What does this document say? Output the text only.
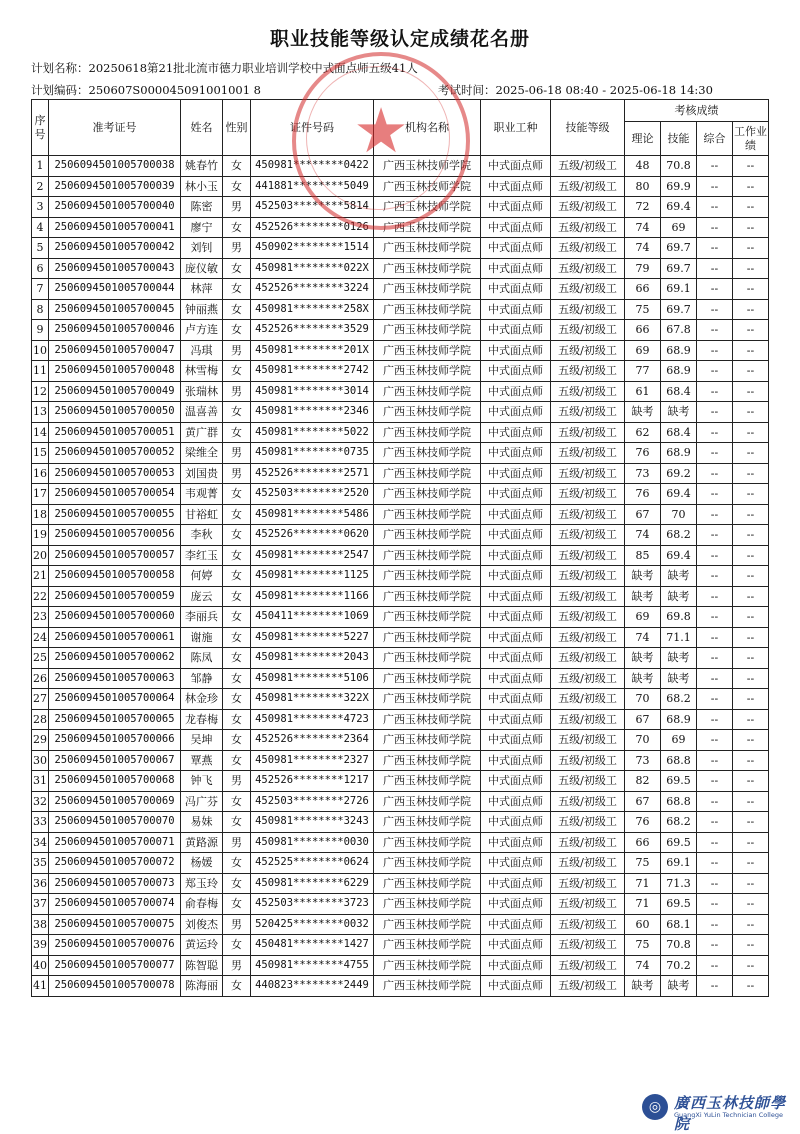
职业技能等级认定成绩花名册
计划名称：20250618第21批北流市德力职业培训学校中式面点师五级41人
计划编码：250607S000045091001001 8	考试时间：2025-06-18 08:40 - 2025-06-18 14:30
序号	准考证号	姓名	性别	证件号码	机构名称	职业工种	技能等级	考核成绩			
								理论	技能	综合	工作业绩
1	2506094501005700038	姚春竹	女	450981********0422	广西玉林技师学院	中式面点师	五级/初级工	48	70.8	--	--
2	2506094501005700039	林小玉	女	441881********5049	广西玉林技师学院	中式面点师	五级/初级工	80	69.9	--	--
3	2506094501005700040	陈密	男	452503********5814	广西玉林技师学院	中式面点师	五级/初级工	72	69.4	--	--
4	2506094501005700041	廖宁	女	452526********0126	广西玉林技师学院	中式面点师	五级/初级工	74	69	--	--
5	2506094501005700042	刘钊	男	450902********1514	广西玉林技师学院	中式面点师	五级/初级工	74	69.7	--	--
6	2506094501005700043	庞仪敏	女	450981********022X	广西玉林技师学院	中式面点师	五级/初级工	79	69.7	--	--
7	2506094501005700044	林萍	女	452526********3224	广西玉林技师学院	中式面点师	五级/初级工	66	69.1	--	--
8	2506094501005700045	钟丽燕	女	450981********258X	广西玉林技师学院	中式面点师	五级/初级工	75	69.7	--	--
9	2506094501005700046	卢方连	女	452526********3529	广西玉林技师学院	中式面点师	五级/初级工	66	67.8	--	--
10	2506094501005700047	冯琪	男	450981********201X	广西玉林技师学院	中式面点师	五级/初级工	69	68.9	--	--
11	2506094501005700048	林雪梅	女	450981********2742	广西玉林技师学院	中式面点师	五级/初级工	77	68.9	--	--
12	2506094501005700049	张瑞林	男	450981********3014	广西玉林技师学院	中式面点师	五级/初级工	61	68.4	--	--
13	2506094501005700050	温喜善	女	450981********2346	广西玉林技师学院	中式面点师	五级/初级工	缺考	缺考	--	--
14	2506094501005700051	黄广群	女	450981********5022	广西玉林技师学院	中式面点师	五级/初级工	62	68.4	--	--
15	2506094501005700052	梁维全	男	450981********0735	广西玉林技师学院	中式面点师	五级/初级工	76	68.9	--	--
16	2506094501005700053	刘国贵	男	452526********2571	广西玉林技师学院	中式面点师	五级/初级工	73	69.2	--	--
17	2506094501005700054	韦观菁	女	452503********2520	广西玉林技师学院	中式面点师	五级/初级工	76	69.4	--	--
18	2506094501005700055	甘裕虹	女	450981********5486	广西玉林技师学院	中式面点师	五级/初级工	67	70	--	--
19	2506094501005700056	李秋	女	452526********0620	广西玉林技师学院	中式面点师	五级/初级工	74	68.2	--	--
20	2506094501005700057	李红玉	女	450981********2547	广西玉林技师学院	中式面点师	五级/初级工	85	69.4	--	--
21	2506094501005700058	何婷	女	450981********1125	广西玉林技师学院	中式面点师	五级/初级工	缺考	缺考	--	--
22	2506094501005700059	庞云	女	450981********1166	广西玉林技师学院	中式面点师	五级/初级工	缺考	缺考	--	--
23	2506094501005700060	李丽兵	女	450411********1069	广西玉林技师学院	中式面点师	五级/初级工	69	69.8	--	--
24	2506094501005700061	谢施	女	450981********5227	广西玉林技师学院	中式面点师	五级/初级工	74	71.1	--	--
25	2506094501005700062	陈凤	女	450981********2043	广西玉林技师学院	中式面点师	五级/初级工	缺考	缺考	--	--
26	2506094501005700063	邹静	女	450981********5106	广西玉林技师学院	中式面点师	五级/初级工	缺考	缺考	--	--
27	2506094501005700064	林金珍	女	450981********322X	广西玉林技师学院	中式面点师	五级/初级工	70	68.2	--	--
28	2506094501005700065	龙春梅	女	450981********4723	广西玉林技师学院	中式面点师	五级/初级工	67	68.9	--	--
29	2506094501005700066	吴坤	女	452526********2364	广西玉林技师学院	中式面点师	五级/初级工	70	69	--	--
30	2506094501005700067	覃燕	女	450981********2327	广西玉林技师学院	中式面点师	五级/初级工	73	68.8	--	--
31	2506094501005700068	钟飞	男	452526********1217	广西玉林技师学院	中式面点师	五级/初级工	82	69.5	--	--
32	2506094501005700069	冯广芬	女	452503********2726	广西玉林技师学院	中式面点师	五级/初级工	67	68.8	--	--
33	2506094501005700070	易妹	女	450981********3243	广西玉林技师学院	中式面点师	五级/初级工	76	68.2	--	--
34	2506094501005700071	黄路源	男	450981********0030	广西玉林技师学院	中式面点师	五级/初级工	66	69.5	--	--
35	2506094501005700072	杨媛	女	452525********0624	广西玉林技师学院	中式面点师	五级/初级工	75	69.1	--	--
36	2506094501005700073	郑玉玲	女	450981********6229	广西玉林技师学院	中式面点师	五级/初级工	71	71.3	--	--
37	2506094501005700074	俞春梅	女	452503********3723	广西玉林技师学院	中式面点师	五级/初级工	71	69.5	--	--
38	2506094501005700075	刘俊杰	男	520425********0032	广西玉林技师学院	中式面点师	五级/初级工	60	68.1	--	--
39	2506094501005700076	黄运玲	女	450481********1427	广西玉林技师学院	中式面点师	五级/初级工	75	70.8	--	--
40	2506094501005700077	陈智聪	男	450981********4755	广西玉林技师学院	中式面点师	五级/初级工	74	70.2	--	--
41	2506094501005700078	陈海丽	女	440823********2449	广西玉林技师学院	中式面点师	五级/初级工	缺考	缺考	--	--
★
◎ 廣西玉林技師學院
GuangXi YuLin Technician College
